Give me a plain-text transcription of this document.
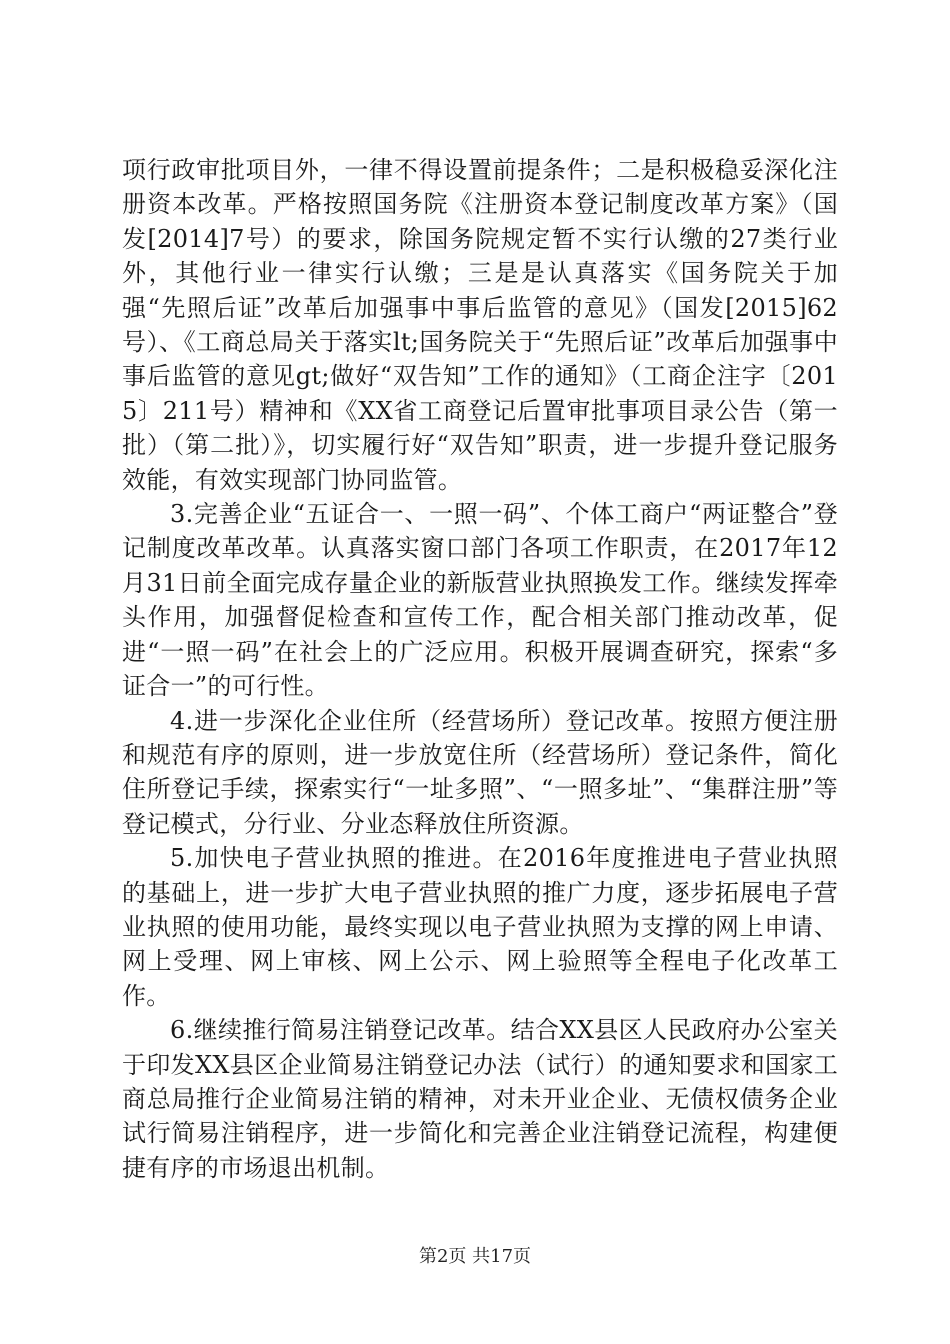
项行政审批项目外，一律不得设置前提条件；二是积极稳妥深化注册资本改革。严格按照国务院《注册资本登记制度改革方案》（国发[2014]7号）的要求，除国务院规定暂不实行认缴的27类行业外，其他行业一律实行认缴；三是是认真落实《国务院关于加强“先照后证”改革后加强事中事后监管的意见》（国发[2015]62号）、《工商总局关于落实lt;国务院关于“先照后证”改革后加强事中事后监管的意见gt;做好“双告知”工作的通知》（工商企注字〔2015〕211号）精神和《XX省工商登记后置审批事项目录公告（第一批）（第二批）》，切实履行好“双告知”职责，进一步提升登记服务效能，有效实现部门协同监管。

3.完善企业“五证合一、一照一码”、个体工商户“两证整合”登记制度改革改革。认真落实窗口部门各项工作职责，在2017年12月31日前全面完成存量企业的新版营业执照换发工作。继续发挥牵头作用，加强督促检查和宣传工作，配合相关部门推动改革，促进“一照一码”在社会上的广泛应用。积极开展调查研究，探索“多证合一”的可行性。

4.进一步深化企业住所（经营场所）登记改革。按照方便注册和规范有序的原则，进一步放宽住所（经营场所）登记条件，简化住所登记手续，探索实行“一址多照”、“一照多址”、“集群注册”等登记模式，分行业、分业态释放住所资源。

5.加快电子营业执照的推进。在2016年度推进电子营业执照的基础上，进一步扩大电子营业执照的推广力度，逐步拓展电子营业执照的使用功能，最终实现以电子营业执照为支撑的网上申请、网上受理、网上审核、网上公示、网上验照等全程电子化改革工作。

6.继续推行简易注销登记改革。结合XX县区人民政府办公室关于印发XX县区企业简易注销登记办法（试行）的通知要求和国家工商总局推行企业简易注销的精神，对未开业企业、无债权债务企业试行简易注销程序，进一步简化和完善企业注销登记流程，构建便捷有序的市场退出机制。

第2页 共17页
